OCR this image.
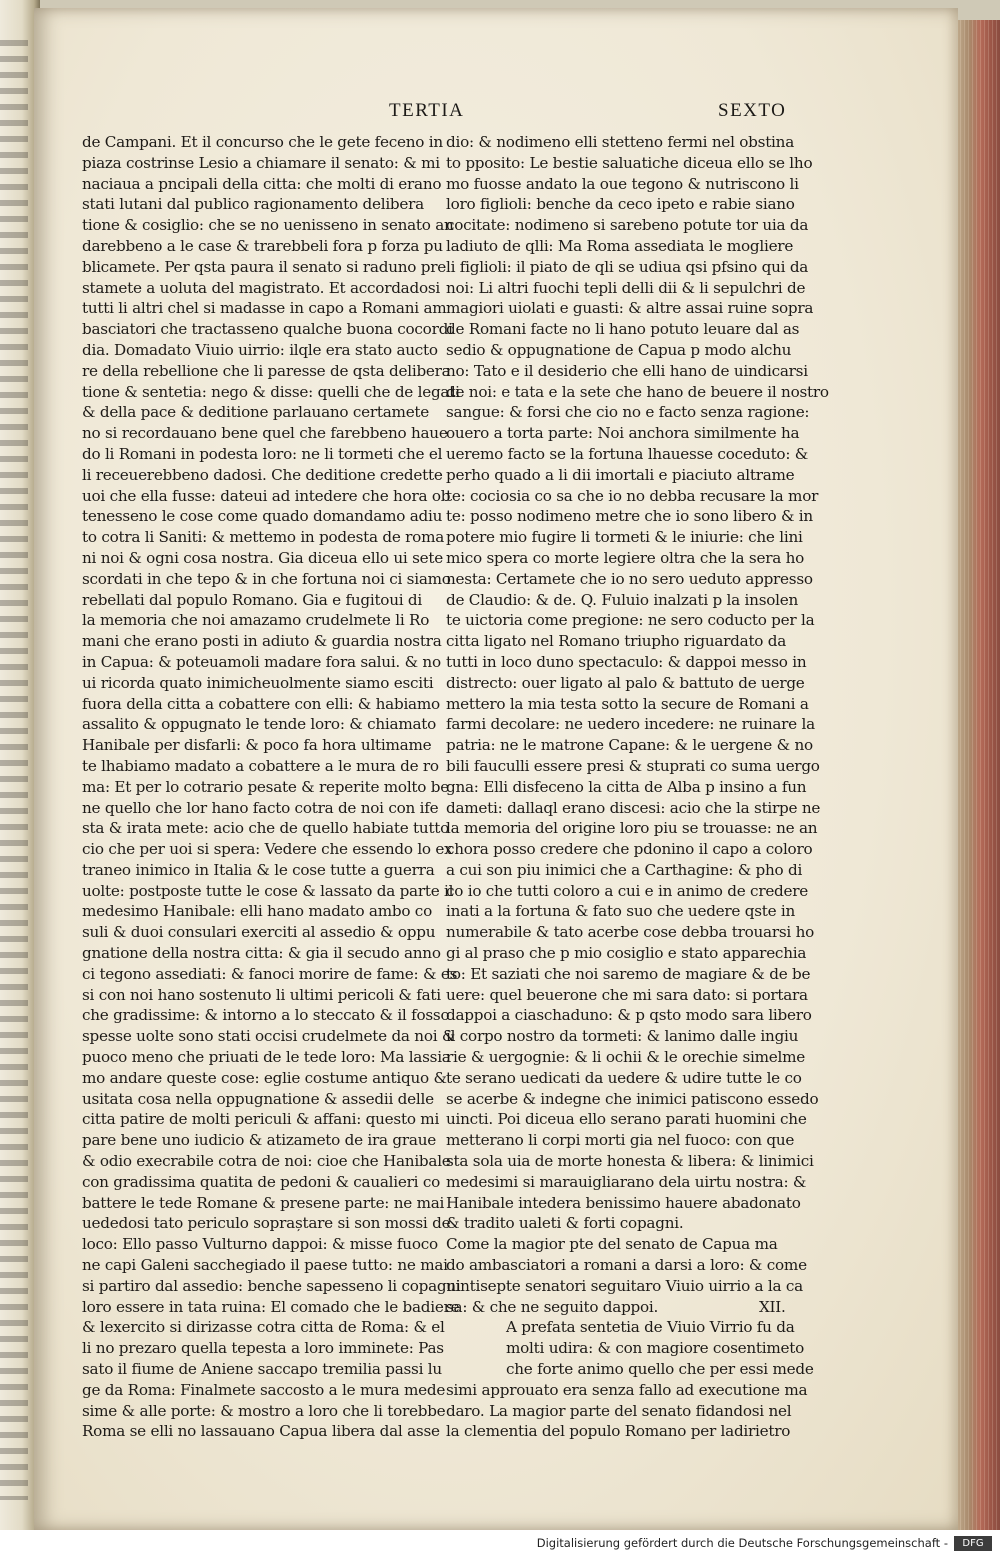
TERTIA	SEXTO
de Campani. Et il concurso che le gete feceno in
piaza costrinse Lesio a chiamare il senato: & mi
naciaua a pncipali della citta: che molti di erano
stati lutani dal publico ragionamento delibera
tione & cosiglio: che se no uenisseno in senato an
darebbeno a le case & trarebbeli fora p forza pu
blicamete. Per qsta paura il senato si raduno pre
stamete a uoluta del magistrato. Et accordadosi
tutti li altri chel si madasse in capo a Romani am
basciatori che tractasseno qualche buona cocordi
dia. Domadato Viuio uirrio: ilqle era stato aucto
re della rebellione che li paresse de qsta delibera
tione & sentetia: nego & disse: quelli che de legati
& della pace & deditione parlauano certamete
no si recordauano bene quel che farebbeno haue
do li Romani in podesta loro: ne li tormeti che el
li receuerebbeno dadosi. Che deditione credette
uoi che ella fusse: dateui ad intedere che hora ob
tenesseno le cose come quado domandamo adiu
to cotra li Saniti: & mettemo in podesta de roma
ni noi & ogni cosa nostra. Gia diceua ello ui sete
scordati in che tepo & in che fortuna noi ci siamo
rebellati dal populo Romano. Gia e fugitoui di
la memoria che noi amazamo crudelmete li Ro
mani che erano posti in adiuto & guardia nostra
in Capua: & poteuamoli madare fora salui. & no
ui ricorda quato inimicheuolmente siamo esciti
fuora della citta a cobattere con elli: & habiamo
assalito & oppugnato le tende loro: & chiamato
Hanibale per disfarli: & poco fa hora ultimame
te lhabiamo madato a cobattere a le mura de ro
ma: Et per lo cotrario pesate & reperite molto be
ne quello che lor hano facto cotra de noi con ife
sta & irata mete: acio che de quello habiate tutto
cio che per uoi si spera: Vedere che essendo lo ex
traneo inimico in Italia & le cose tutte a guerra
uolte: postposte tutte le cose & lassato da parte il
medesimo Hanibale: elli hano madato ambo co
suli & duoi consulari exerciti al assedio & oppu
gnatione della nostra citta: & gia il secudo anno
ci tegono assediati: & fanoci morire de fame: & es
si con noi hano sostenuto li ultimi pericoli & fati
che gradissime: & intorno a lo steccato & il fosso
spesse uolte sono stati occisi crudelmete da noi &
puoco meno che priuati de le tede loro: Ma lassia
mo andare queste cose: eglie costume antiquo &
usitata cosa nella oppugnatione & assedii delle
citta patire de molti periculi & affani: questo mi
pare bene uno iudicio & atizameto de ira graue
& odio execrabile cotra de noi: cioe che Hanibale
con gradissima quatita de pedoni & caualieri co
battere le tede Romane & presene parte: ne mai
uededosi tato periculo sopraștare si son mossi de
loco: Ello passo Vulturno dappoi: & misse fuoco
ne capi Galeni sacchegiado il paese tutto: ne mai
si partiro dal assedio: benche sapesseno li copagni
loro essere in tata ruina: El comado che le badiere
& lexercito si dirizasse cotra citta de Roma: & el
li no prezaro quella tepesta a loro imminete: Pas
sato il fiume de Aniene saccapo tremilia passi lu
ge da Roma: Finalmete saccosto a le mura mede
sime & alle porte: & mostro a loro che li torebbe
Roma se elli no lassauano Capua libera dal asse
dio: & nodimeno elli stetteno fermi nel obstina
to pposito: Le bestie saluatiche diceua ello se lho
mo fuosse andato la oue tegono & nutrisconο li
loro figlioli: benche da ceco ipeto e rabie siano
cocitate: nodimeno si sarebeno potute tor uia da
ladiuto de qlli: Ma Roma assediata le mogliere
li figlioli: il piato de qli se udiua qsi pfsino qui da
noi: Li altri fuochi tepli delli dii & li sepulchri de
magiori uiolati e guasti: & altre assai ruine sopra
de Romani facte no li hano potuto leuare dal as
sedio & oppugnatione de Capua p modo alchu
no: Tato e il desiderio che elli hano de uindicarsi
de noi: e tata e la sete che hano de beuere il nostro
sangue: & forsi che cio no e facto senza ragione:
ouero a torta parte: Noi anchora similmente ha
ueremo facto se la fortuna lhauesse coceduto: &
perho quado a li dii imortali e piaciuto altrame
te: cociosia co sa che io no debba recusare la mor
te: posso nodimeno metre che io sono libero & in
potere mio fugire li tormeti & le iniurie: che lini
mico spera co morte legiere oltra che la sera ho
nesta: Certamete che io no sero ueduto appresso
de Claudio: & de. Q. Fuluio inalzati p la insolen
te uictoria come pregione: ne sero coducto per la
citta ligato nel Romano triupho riguardato da
tutti in loco duno spectaculo: & dappoi messo in
distrecto: ouer ligato al palo & battuto de uerge
mettero la mia testa sotto la secure de Romani a
farmi decolare: ne uedero incedere: ne ruinare la
patria: ne le matrone Capane: & le uergene & no
bili fauculli essere presi & stuprati co sumа uergo
gna: Elli disfeceno la citta de Alba p insino a fun
dameti: dallaql erano discesi: acio che la stirpe ne
la memoria del origine loro piu se trouasse: ne an
chora posso credere che pdonino il capo a coloro
a cui son piu inimici che a Carthagine: & pho di
co io che tutti coloro a cui e in animo de credere
inati a la fortuna & fato suo che uedere qste in
numerabile & tato acerbe cose debba trouarsi ho
gi al praso che p mio cosiglio e stato apparechia
to: Et saziati che noi saremo de magiare & de be
uere: quel beuerone che mi sara dato: si portara
dappoi a ciaschaduno: & p qsto modo sara libero
il corpo nostro da tormeti: & lanimo dalle ingiu
rie & uergognie: & li ochii & le orechie simelme
te serano uedicati da uedere & udire tutte le co
se acerbe & indegne che inimici patiscono essedo
uincti. Poi diceua ello serano parati huomini che
metterano li corpi morti gia nel fuoco: con que
sta sola uia de morte honesta & libera: & linimici
medesimi si marauigliarano dela uirtu nostra: &
Hanibale intedera benissimo hauere abadonato
& tradito ualeti & forti copagni.
Come la magior pte del senato de Capua ma
do ambasciatori a romani a darsi a loro: & come
uintisepte senatori seguitaro Viuio uirrio a la ca
sa: & che ne seguito dappoi.	XII.
A prefata sentetia de Viuio Virrio fu da
molti udira: & con magiore cosentimeto
che forte animo quello che per essi mede
simi approuato era senza fallo ad executione ma
daro. La magior parte del senato fidandosi nel
la clementia del populo Romano per ladirietro
Digitalisierung gefördert durch die Deutsche Forschungsgemeinschaft -	DFG
